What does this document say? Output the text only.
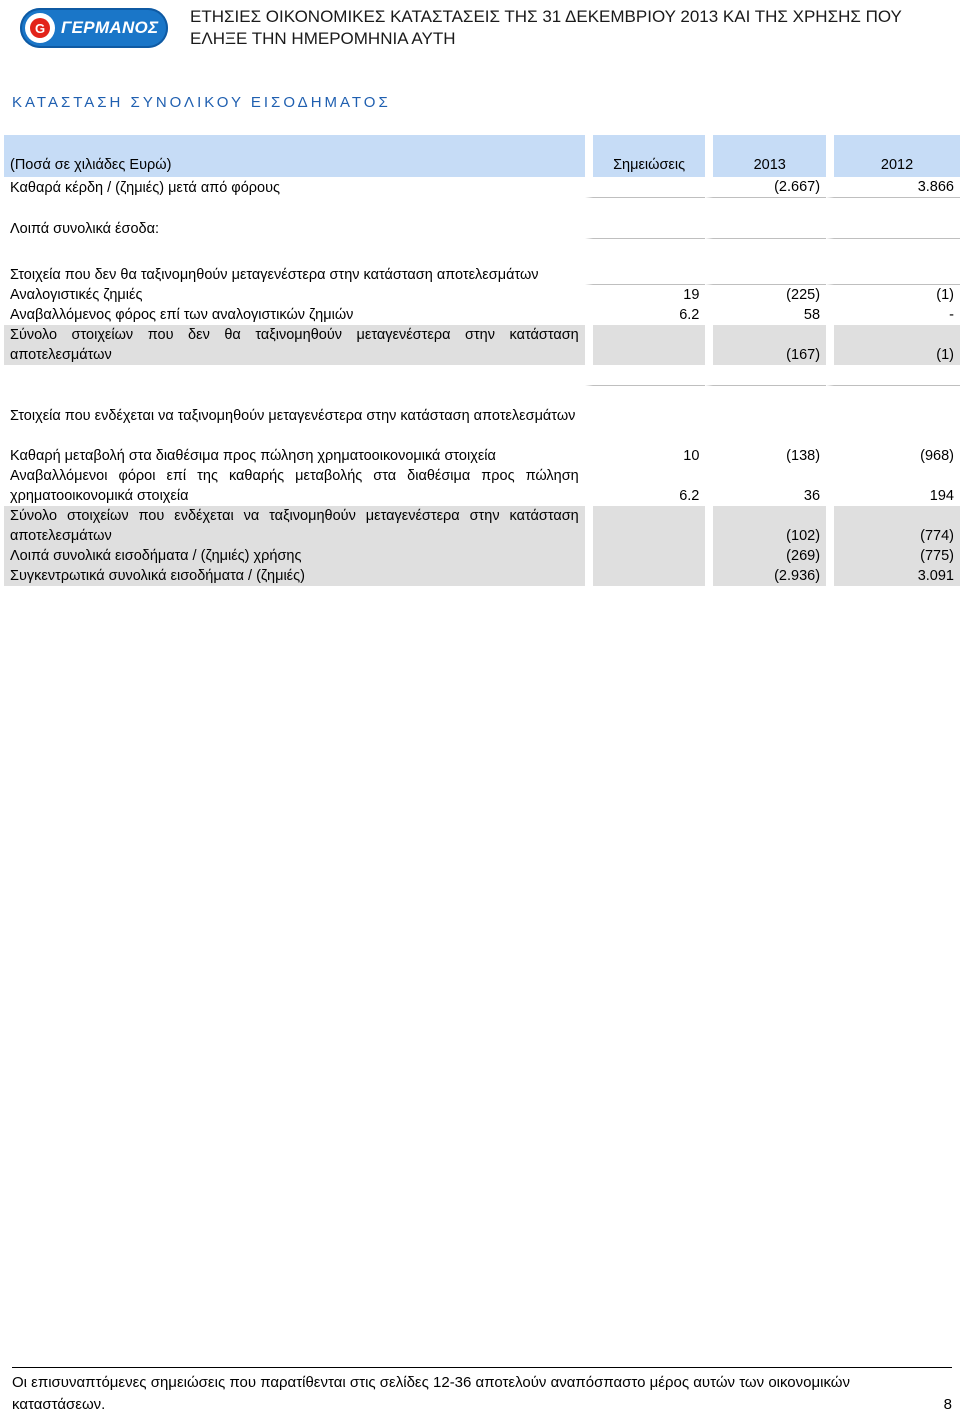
G ΓΕΡΜΑΝΟΣ
ΕΤΗΣΙΕΣ ΟΙΚΟΝΟΜΙΚΕΣ ΚΑΤΑΣΤΑΣΕΙΣ ΤΗΣ 31 ΔΕΚΕΜΒΡΙΟΥ 2013 ΚΑΙ ΤΗΣ ΧΡΗΣΗΣ ΠΟΥ
ΕΛΗΞΕ ΤΗΝ ΗΜΕΡΟΜΗΝΙΑ ΑΥΤΗ
ΚΑΤΑΣΤΑΣΗ ΣΥΝΟΛΙΚΟΥ ΕΙΣΟΔΗΜΑΤΟΣ
(Ποσά σε χιλιάδες Ευρώ)	Σημειώσεις	2013	2012
Καθαρά κέρδη / (ζημιές) μετά από φόρους		(2.667)	3.866
Λοιπά συνολικά έσοδα:			
Στοιχεία που δεν θα ταξινομηθούν μεταγενέστερα στην κατάσταση αποτελεσμάτων			
Αναλογιστικές ζημιές	19	(225)	(1)
Αναβαλλόμενος φόρος επί των αναλογιστικών ζημιών	6.2	58	-
Σύνολο στοιχείων που δεν θα ταξινομηθούν μεταγενέστερα στην κατάσταση αποτελεσμάτων		(167)	(1)

Στοιχεία που ενδέχεται να ταξινομηθούν μεταγενέστερα στην κατάσταση αποτελεσμάτων			
Καθαρή μεταβολή στα διαθέσιμα προς πώληση χρηματοοικονομικά στοιχεία	10	(138)	(968)
Αναβαλλόμενοι φόροι επί της καθαρής μεταβολής στα διαθέσιμα προς πώληση χρηματοοικονομικά στοιχεία	6.2	36	194
Σύνολο στοιχείων που ενδέχεται να ταξινομηθούν μεταγενέστερα στην κατάσταση αποτελεσμάτων		(102)	(774)
Λοιπά συνολικά εισοδήματα / (ζημιές) χρήσης		(269)	(775)
Συγκεντρωτικά συνολικά εισοδήματα / (ζημιές)		(2.936)	3.091
Οι επισυναπτόμενες σημειώσεις που παρατίθενται στις σελίδες 12-36 αποτελούν αναπόσπαστο μέρος αυτών των οικονομικών
καταστάσεων.	8
